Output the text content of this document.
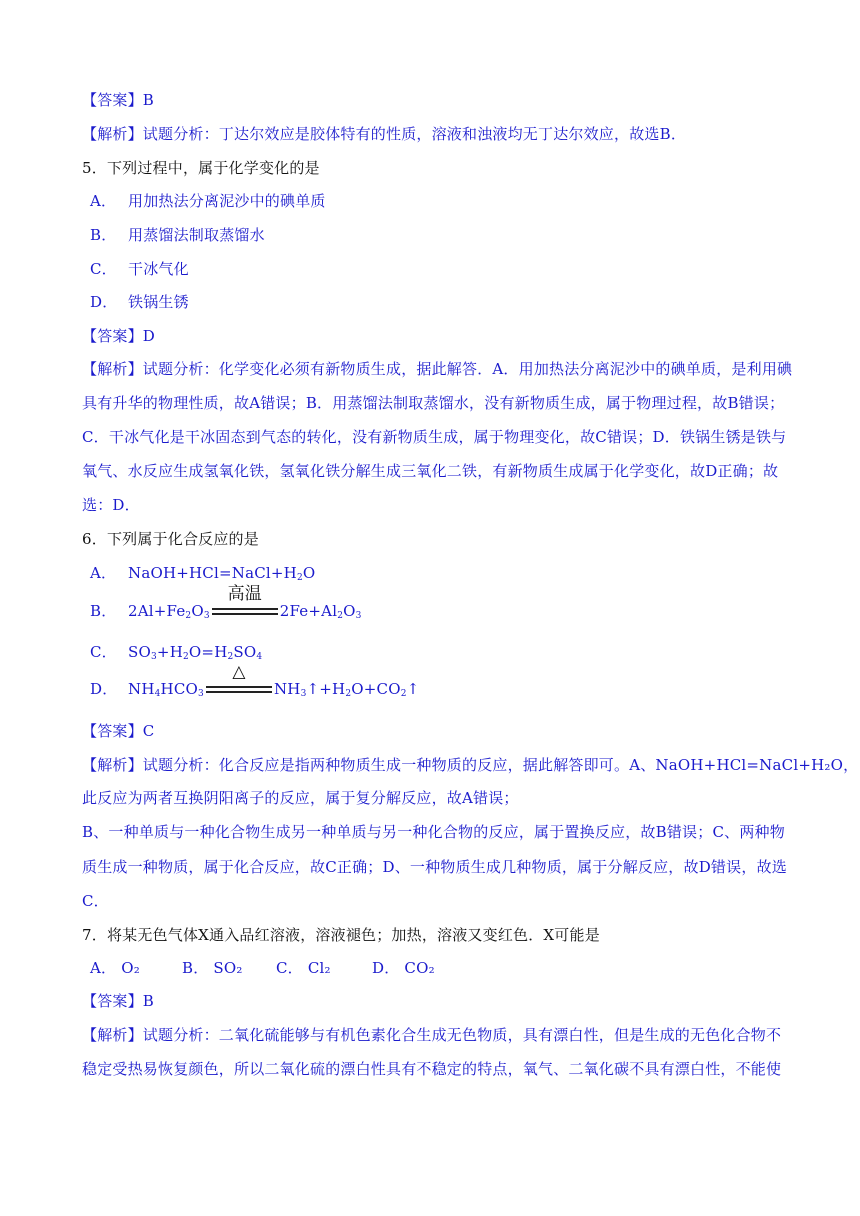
【答案】B
【解析】试题分析：丁达尔效应是胶体特有的性质，溶液和浊液均无丁达尔效应，故选B．
5．下列过程中，属于化学变化的是
A． 用加热法分离泥沙中的碘单质
B． 用蒸馏法制取蒸馏水
C． 干冰气化
D． 铁锅生锈
【答案】D
【解析】试题分析：化学变化必须有新物质生成，据此解答．A．用加热法分离泥沙中的碘单质，是利用碘
具有升华的物理性质，故A错误；B．用蒸馏法制取蒸馏水，没有新物质生成，属于物理过程，故B错误；
C．干冰气化是干冰固态到气态的转化，没有新物质生成，属于物理变化，故C错误；D．铁锅生锈是铁与
氧气、水反应生成氢氧化铁，氢氧化铁分解生成三氧化二铁，有新物质生成属于化学变化，故D正确；故
选：D．
6．下列属于化合反应的是
A． $NaOH+HCl=NaCl+H_2O$
B． $2Al+Fe_2O_3$
高温
$2Fe+Al_2O_3$
C． $SO_3+H_2O=H_2SO_4$
D． $NH_4HCO_3$
△
$NH_3↑+H_2O+CO_2↑$
【答案】C
【解析】试题分析：化合反应是指两种物质生成一种物质的反应，据此解答即可。A、NaOH+HCl=NaCl+H₂O，
此反应为两者互换阴阳离子的反应，属于复分解反应，故A错误；
B、一种单质与一种化合物生成另一种单质与另一种化合物的反应，属于置换反应，故B错误；C、两种物
质生成一种物质，属于化合反应，故C正确；D、一种物质生成几种物质，属于分解反应，故D错误，故选
C．
7．将某无色气体X通入品红溶液，溶液褪色；加热，溶液又变红色．X可能是
A． O₂	B． SO₂ C． Cl₂	D． CO₂
【答案】B
【解析】试题分析：二氧化硫能够与有机色素化合生成无色物质，具有漂白性，但是生成的无色化合物不
稳定受热易恢复颜色，所以二氧化硫的漂白性具有不稳定的特点，氧气、二氧化碳不具有漂白性，不能使
